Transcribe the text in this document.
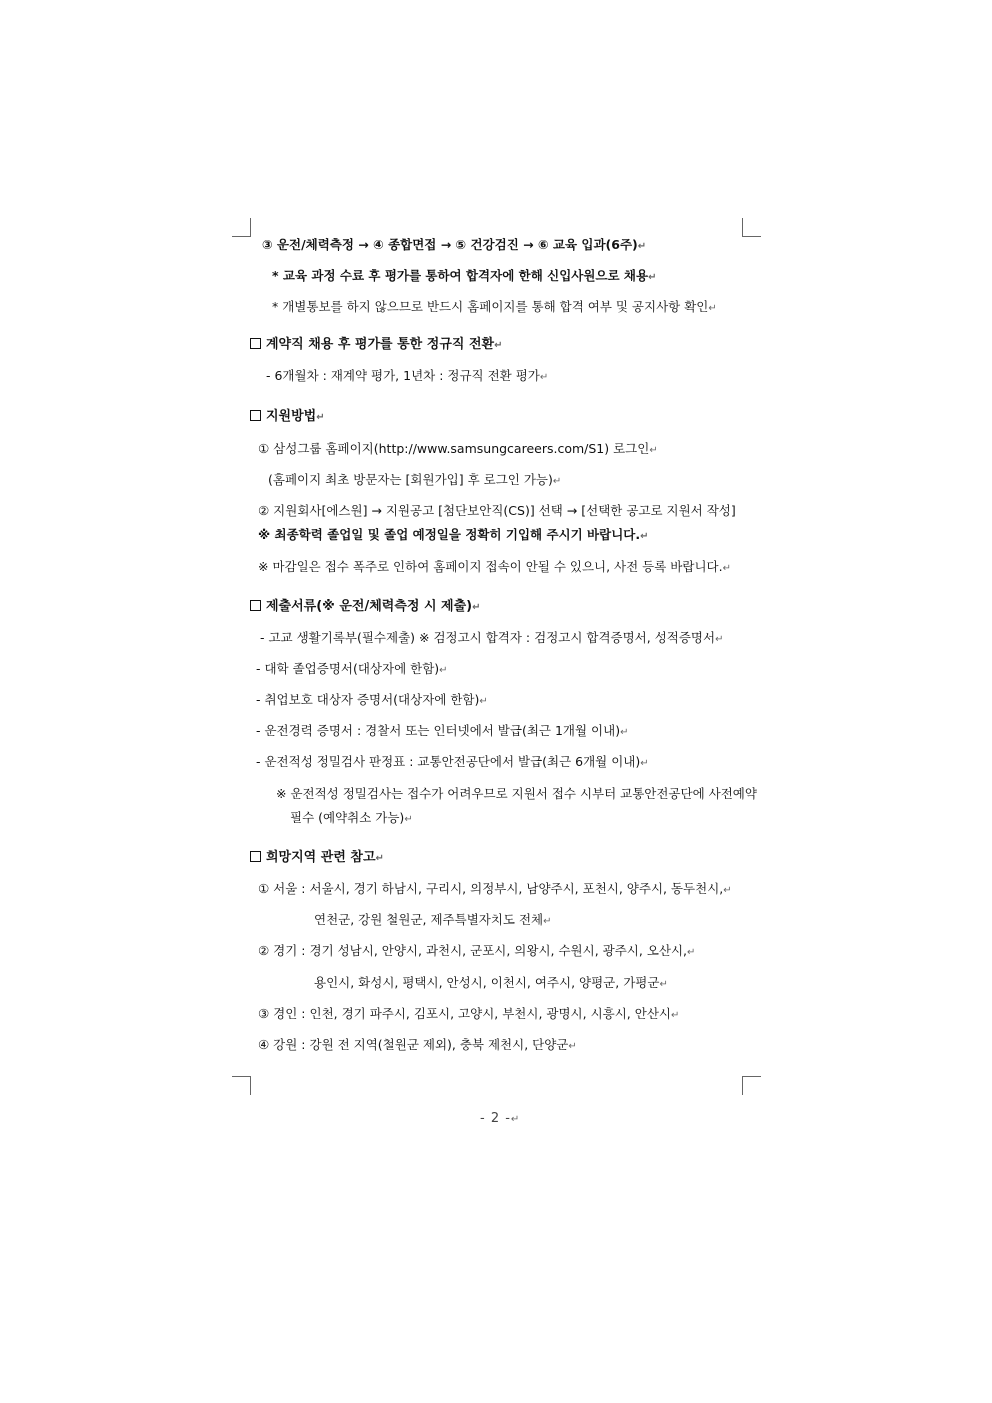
③ 운전/체력측정 → ④ 종합면접 → ⑤ 건강검진 → ⑥ 교육 입과(6주)↵
* 교육 과정 수료 후 평가를 통하여 합격자에 한해 신입사원으로 채용↵
* 개별통보를 하지 않으므로 반드시 홈페이지를 통해 합격 여부 및 공지사항 확인↵
계약직 채용 후 평가를 통한 정규직 전환↵
- 6개월차 : 재계약 평가, 1년차 : 정규직 전환 평가↵
지원방법↵
① 삼성그룹 홈페이지(http://www.samsungcareers.com/S1) 로그인↵
(홈페이지 최초 방문자는 [회원가입] 후 로그인 가능)↵
② 지원회사[에스원] → 지원공고 [첨단보안직(CS)] 선택 → [선택한 공고로 지원서 작성]
※ 최종학력 졸업일 및 졸업 예정일을 정확히 기입해 주시기 바랍니다.↵
※ 마감일은 접수 폭주로 인하여 홈페이지 접속이 안될 수 있으니, 사전 등록 바랍니다.↵
제출서류(※ 운전/체력측정 시 제출)↵
- 고교 생활기록부(필수제출) ※ 검정고시 합격자 : 검정고시 합격증명서, 성적증명서↵
- 대학 졸업증명서(대상자에 한함)↵
- 취업보호 대상자 증명서(대상자에 한함)↵
- 운전경력 증명서 : 경찰서 또는 인터넷에서 발급(최근 1개월 이내)↵
- 운전적성 정밀검사 판정표 : 교통안전공단에서 발급(최근 6개월 이내)↵
※ 운전적성 정밀검사는 접수가 어려우므로 지원서 접수 시부터 교통안전공단에 사전예약
필수 (예약취소 가능)↵
희망지역 관련 참고↵
① 서울 : 서울시, 경기 하남시, 구리시, 의정부시, 남양주시, 포천시, 양주시, 동두천시,↵
연천군, 강원 철원군, 제주특별자치도 전체↵
② 경기 : 경기 성남시, 안양시, 과천시, 군포시, 의왕시, 수원시, 광주시, 오산시,↵
용인시, 화성시, 평택시, 안성시, 이천시, 여주시, 양평군, 가평군↵
③ 경인 : 인천, 경기 파주시, 김포시, 고양시, 부천시, 광명시, 시흥시, 안산시↵
④ 강원 : 강원 전 지역(철원군 제외), 충북 제천시, 단양군↵
- 2 -↵
